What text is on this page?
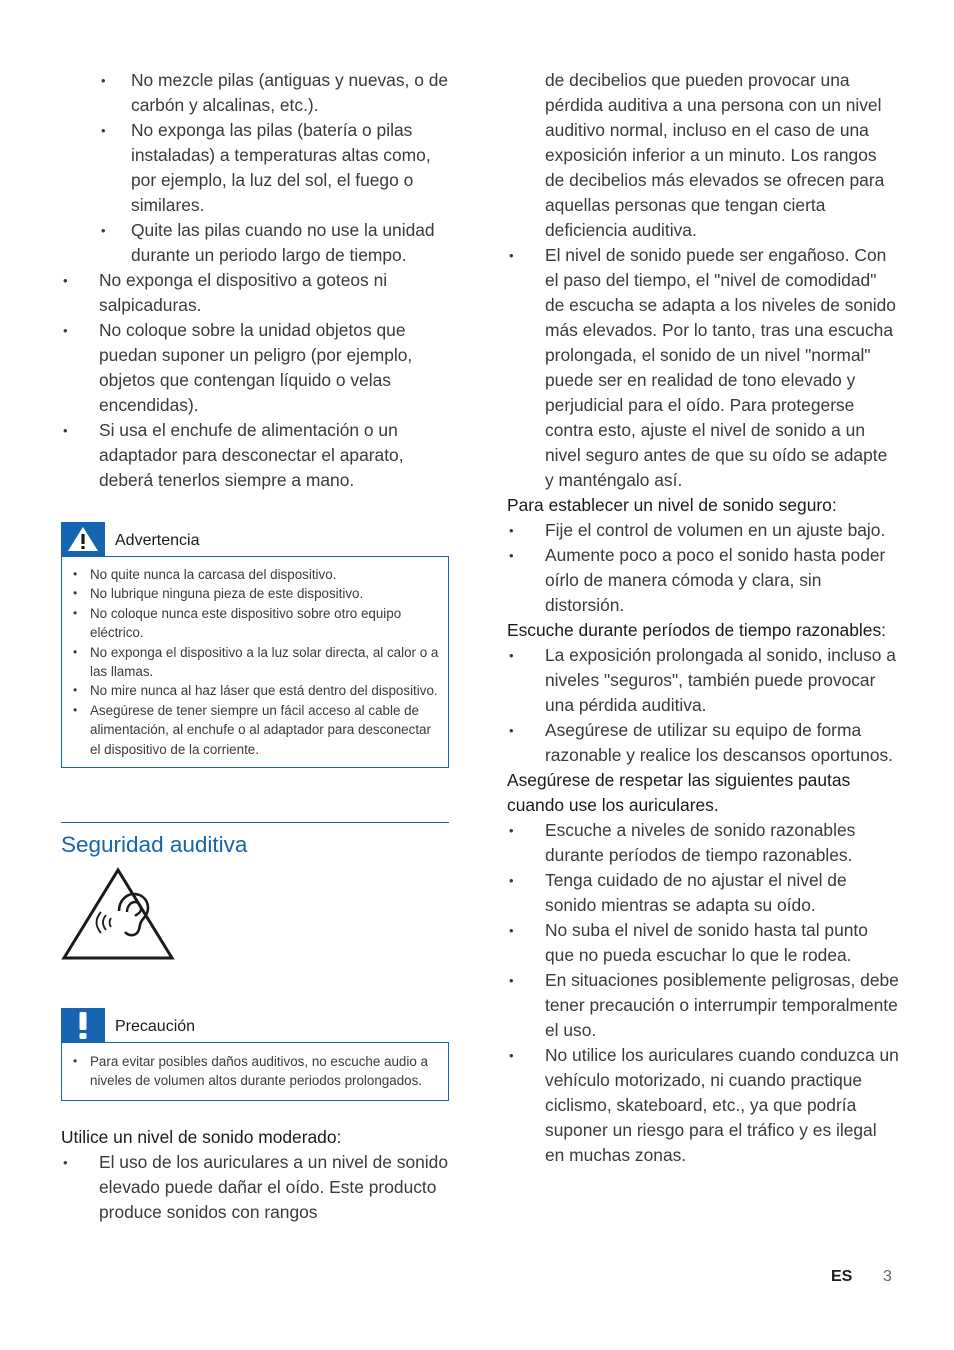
• No mezcle pilas (antiguas y nuevas, o de carbón y alcalinas, etc.).
• No exponga las pilas (batería o pilas instaladas) a temperaturas altas como, por ejemplo, la luz del sol, el fuego o similares.
• Quite las pilas cuando no use la unidad durante un periodo largo de tiempo.
• No exponga el dispositivo a goteos ni salpicaduras.
• No coloque sobre la unidad objetos que puedan suponer un peligro (por ejemplo, objetos que contengan líquido o velas encendidas).
• Si usa el enchufe de alimentación o un adaptador para desconectar el aparato, deberá tenerlos siempre a mano.
Advertencia
• No quite nunca la carcasa del dispositivo.
• No lubrique ninguna pieza de este dispositivo.
• No coloque nunca este dispositivo sobre otro equipo eléctrico.
• No exponga el dispositivo a la luz solar directa, al calor o a las llamas.
• No mire nunca al haz láser que está dentro del dispositivo.
• Asegúrese de tener siempre un fácil acceso al cable de alimentación, al enchufe o al adaptador para desconectar el dispositivo de la corriente.
Seguridad auditiva
Precaución
• Para evitar posibles daños auditivos, no escuche audio a niveles de volumen altos durante periodos prolongados.
Utilice un nivel de sonido moderado:
• El uso de los auriculares a un nivel de sonido elevado puede dañar el oído. Este producto produce sonidos con rangos
de decibelios que pueden provocar una pérdida auditiva a una persona con un nivel auditivo normal, incluso en el caso de una exposición inferior a un minuto. Los rangos de decibelios más elevados se ofrecen para aquellas personas que tengan cierta deficiencia auditiva.
• El nivel de sonido puede ser engañoso. Con el paso del tiempo, el "nivel de comodidad" de escucha se adapta a los niveles de sonido más elevados. Por lo tanto, tras una escucha prolongada, el sonido de un nivel "normal" puede ser en realidad de tono elevado y perjudicial para el oído. Para protegerse contra esto, ajuste el nivel de sonido a un nivel seguro antes de que su oído se adapte y manténgalo así.
Para establecer un nivel de sonido seguro:
• Fije el control de volumen en un ajuste bajo.
• Aumente poco a poco el sonido hasta poder oírlo de manera cómoda y clara, sin distorsión.
Escuche durante períodos de tiempo razonables:
• La exposición prolongada al sonido, incluso a niveles "seguros", también puede provocar una pérdida auditiva.
• Asegúrese de utilizar su equipo de forma razonable y realice los descansos oportunos.
Asegúrese de respetar las siguientes pautas cuando use los auriculares.
• Escuche a niveles de sonido razonables durante períodos de tiempo razonables.
• Tenga cuidado de no ajustar el nivel de sonido mientras se adapta su oído.
• No suba el nivel de sonido hasta tal punto que no pueda escuchar lo que le rodea.
• En situaciones posiblemente peligrosas, debe tener precaución o interrumpir temporalmente el uso.
• No utilice los auriculares cuando conduzca un vehículo motorizado, ni cuando practique ciclismo, skateboard, etc., ya que podría suponer un riesgo para el tráfico y es ilegal en muchas zonas.
ES 3
